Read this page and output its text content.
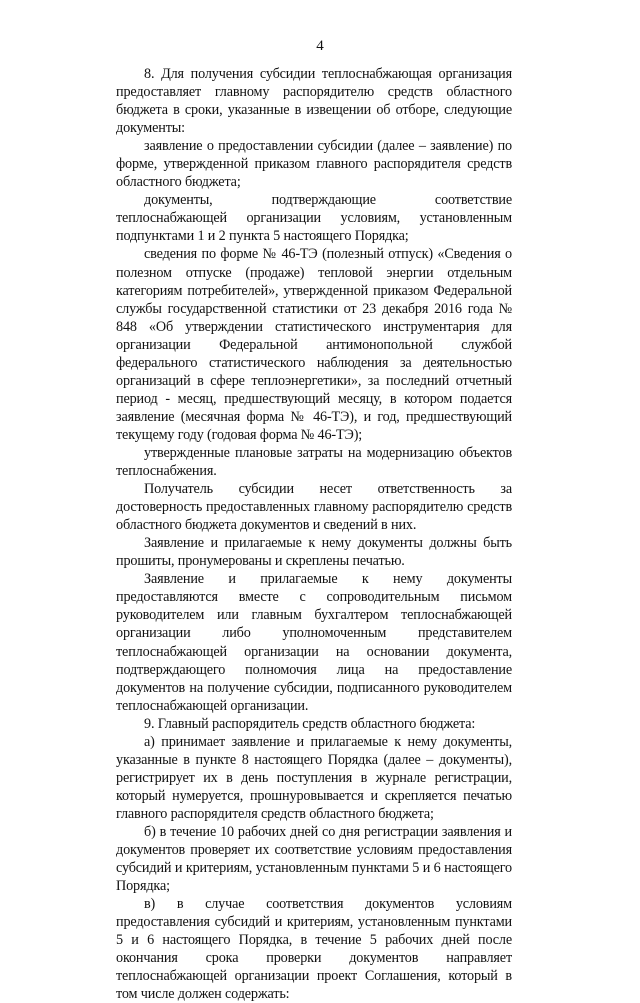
4

8. Для получения субсидии теплоснабжающая организация предоставляет главному распорядителю средств областного бюджета в сроки, указанные в извещении об отборе, следующие документы:

заявление о предоставлении субсидии (далее – заявление) по форме, утвержденной приказом главного распорядителя средств областного бюджета;

документы, подтверждающие соответствие теплоснабжающей организации условиям, установленным подпунктами 1 и 2 пункта 5 настоящего Порядка;

сведения по форме № 46-ТЭ (полезный отпуск) «Сведения о полезном отпуске (продаже) тепловой энергии отдельным категориям потребителей», утвержденной приказом Федеральной службы государственной статистики от 23 декабря 2016 года № 848 «Об утверждении статистического инструментария для организации Федеральной антимонопольной службой федерального статистического наблюдения за деятельностью организаций в сфере теплоэнергетики», за последний отчетный период - месяц, предшествующий месяцу, в котором подается заявление (месячная форма № 46-ТЭ), и год, предшествующий текущему году (годовая форма № 46-ТЭ);

утвержденные плановые затраты на модернизацию объектов теплоснабжения.

Получатель субсидии несет ответственность за достоверность предоставленных главному распорядителю средств областного бюджета документов и сведений в них.

Заявление и прилагаемые к нему документы должны быть прошиты, пронумерованы и скреплены печатью.

Заявление и прилагаемые к нему документы предоставляются вместе с сопроводительным письмом руководителем или главным бухгалтером теплоснабжающей организации либо уполномоченным представителем теплоснабжающей организации на основании документа, подтверждающего полномочия лица на предоставление документов на получение субсидии, подписанного руководителем теплоснабжающей организации.

9. Главный распорядитель средств областного бюджета:

а) принимает заявление и прилагаемые к нему документы, указанные в пункте 8 настоящего Порядка (далее – документы), регистрирует их в день поступления в журнале регистрации, который нумеруется, прошнуровывается и скрепляется печатью главного распорядителя средств областного бюджета;

б) в течение 10 рабочих дней со дня регистрации заявления и документов проверяет их соответствие условиям предоставления субсидий и критериям, установленным пунктами 5 и 6 настоящего Порядка;

в) в случае соответствия документов условиям предоставления субсидий и критериям, установленным пунктами 5 и 6 настоящего Порядка, в течение 5 рабочих дней после окончания срока проверки документов направляет теплоснабжающей организации проект Соглашения, который в том числе должен содержать:
